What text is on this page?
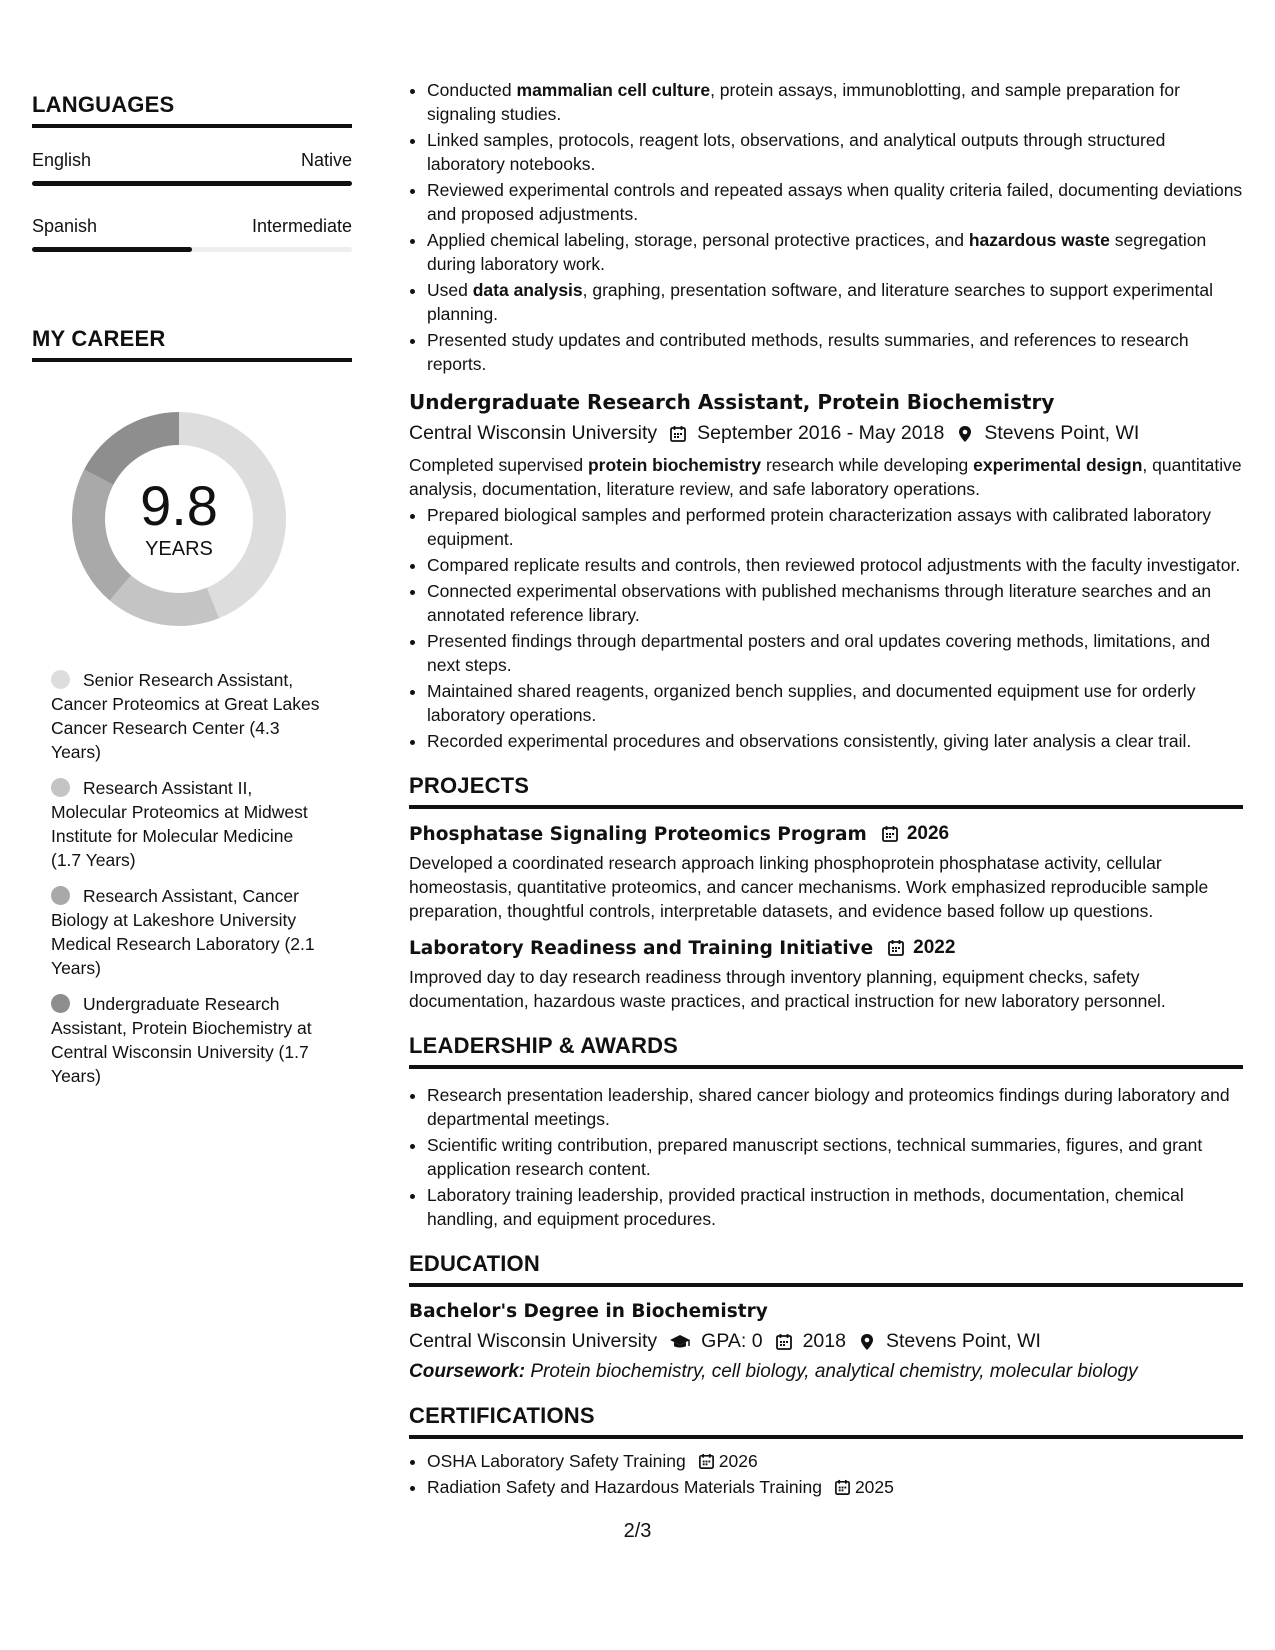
LANGUAGES
English	Native
Spanish	Intermediate
MY CAREER
9.8
YEARS
Senior Research Assistant, Cancer Proteomics at Great Lakes Cancer Research Center (4.3 Years)
Research Assistant II, Molecular Proteomics at Midwest Institute for Molecular Medicine (1.7 Years)
Research Assistant, Cancer Biology at Lakeshore University Medical Research Laboratory (2.1 Years)
Undergraduate Research Assistant, Protein Biochemistry at Central Wisconsin University (1.7 Years)
• Conducted mammalian cell culture, protein assays, immunoblotting, and sample preparation for signaling studies.
• Linked samples, protocols, reagent lots, observations, and analytical outputs through structured laboratory notebooks.
• Reviewed experimental controls and repeated assays when quality criteria failed, documenting deviations and proposed adjustments.
• Applied chemical labeling, storage, personal protective practices, and hazardous waste segregation during laboratory work.
• Used data analysis, graphing, presentation software, and literature searches to support experimental planning.
• Presented study updates and contributed methods, results summaries, and references to research reports.
Undergraduate Research Assistant, Protein Biochemistry
Central Wisconsin University September 2016 - May 2018 Stevens Point, WI
Completed supervised protein biochemistry research while developing experimental design, quantitative analysis, documentation, literature review, and safe laboratory operations.
• Prepared biological samples and performed protein characterization assays with calibrated laboratory equipment.
• Compared replicate results and controls, then reviewed protocol adjustments with the faculty investigator.
• Connected experimental observations with published mechanisms through literature searches and an annotated reference library.
• Presented findings through departmental posters and oral updates covering methods, limitations, and next steps.
• Maintained shared reagents, organized bench supplies, and documented equipment use for orderly laboratory operations.
• Recorded experimental procedures and observations consistently, giving later analysis a clear trail.
PROJECTS
Phosphatase Signaling Proteomics Program 2026
Developed a coordinated research approach linking phosphoprotein phosphatase activity, cellular homeostasis, quantitative proteomics, and cancer mechanisms. Work emphasized reproducible sample preparation, thoughtful controls, interpretable datasets, and evidence based follow up questions.
Laboratory Readiness and Training Initiative 2022
Improved day to day research readiness through inventory planning, equipment checks, safety documentation, hazardous waste practices, and practical instruction for new laboratory personnel.
LEADERSHIP & AWARDS
• Research presentation leadership, shared cancer biology and proteomics findings during laboratory and departmental meetings.
• Scientific writing contribution, prepared manuscript sections, technical summaries, figures, and grant application research content.
• Laboratory training leadership, provided practical instruction in methods, documentation, chemical handling, and equipment procedures.
EDUCATION
Bachelor's Degree in Biochemistry
Central Wisconsin University GPA: 0 2018 Stevens Point, WI
Coursework: Protein biochemistry, cell biology, analytical chemistry, molecular biology
CERTIFICATIONS
• OSHA Laboratory Safety Training 2026
• Radiation Safety and Hazardous Materials Training 2025
2/3
